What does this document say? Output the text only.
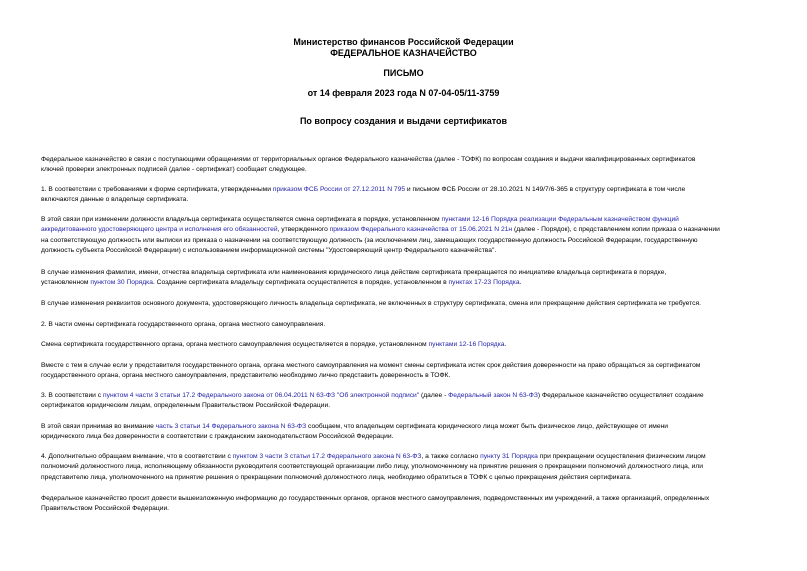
Министерство финансов Российской Федерации

ФЕДЕРАЛЬНОЕ КАЗНАЧЕЙСТВО

ПИСЬМО

от 14 февраля 2023 года N 07-04-05/11-3759

По вопросу создания и выдачи сертификатов

Федеральное казначейство в связи с поступающими обращениями от территориальных органов Федерального казначейства (далее - ТОФК) по вопросам создания и выдачи квалифицированных сертификатов
ключей проверки электронных подписей (далее - сертификат) сообщает следующее.
1. В соответствии с требованиями к форме сертификата, утвержденными приказом ФСБ России от 27.12.2011 N 795 и письмом ФСБ России от 28.10.2021 N 149/7/6-365 в структуру сертификата в том числе
включаются данные о владельце сертификата.
В этой связи при изменении должности владельца сертификата осуществляется смена сертификата в порядке, установленном пунктами 12-16 Порядка реализации Федеральным казначейством функций
аккредитованного удостоверяющего центра и исполнения его обязанностей, утвержденного приказом Федерального казначейства от 15.06.2021 N 21н (далее - Порядок), с представлением копии приказа о назначении
на соответствующую должность или выписки из приказа о назначении на соответствующую должность (за исключением лиц, замещающих государственную должность Российской Федерации, государственную
должность субъекта Российской Федерации) с использованием информационной системы "Удостоверяющий центр Федерального казначейства".
В случае изменения фамилии, имени, отчества владельца сертификата или наименования юридического лица действие сертификата прекращается по инициативе владельца сертификата в порядке,
установленном пунктом 30 Порядка. Создание сертификата владельцу сертификата осуществляется в порядке, установленном в пунктах 17-23 Порядка.
В случае изменения реквизитов основного документа, удостоверяющего личность владельца сертификата, не включенных в структуру сертификата, смена или прекращение действия сертификата не требуется.
2. В части смены сертификата государственного органа, органа местного самоуправления.
Смена сертификата государственного органа, органа местного самоуправления осуществляется в порядке, установленном пунктами 12-16 Порядка.
Вместе с тем в случае если у представителя государственного органа, органа местного самоуправления на момент смены сертификата истек срок действия доверенности на право обращаться за сертификатом
государственного органа, органа местного самоуправления, представителю необходимо лично представить доверенность в ТОФК.
3. В соответствии с пунктом 4 части 3 статьи 17.2 Федерального закона от 06.04.2011 N 63-ФЗ "Об электронной подписи" (далее - Федеральный закон N 63-ФЗ) Федеральное казначейство осуществляет создание
сертификатов юридическим лицам, определенным Правительством Российской Федерации.
В этой связи принимая во внимание часть 3 статьи 14 Федерального закона N 63-ФЗ сообщаем, что владельцем сертификата юридического лица может быть физическое лицо, действующее от имени
юридического лица без доверенности в соответствии с гражданским законодательством Российской Федерации.
4. Дополнительно обращаем внимание, что в соответствии с пунктом 3 части 3 статьи 17.2 Федерального закона N 63-ФЗ, а также согласно пункту 31 Порядка при прекращении осуществления физическим лицом
полномочий должностного лица, исполняющему обязанности руководителя соответствующей организации либо лицу, уполномоченному на принятие решения о прекращении полномочий должностного лица, или
представителю лица, уполномоченного на принятие решения о прекращении полномочий должностного лица, необходимо обратиться в ТОФК с целью прекращения действия сертификата.
Федеральное казначейство просит довести вышеизложенную информацию до государственных органов, органов местного самоуправления, подведомственных им учреждений, а также организаций, определенных
Правительством Российской Федерации.
